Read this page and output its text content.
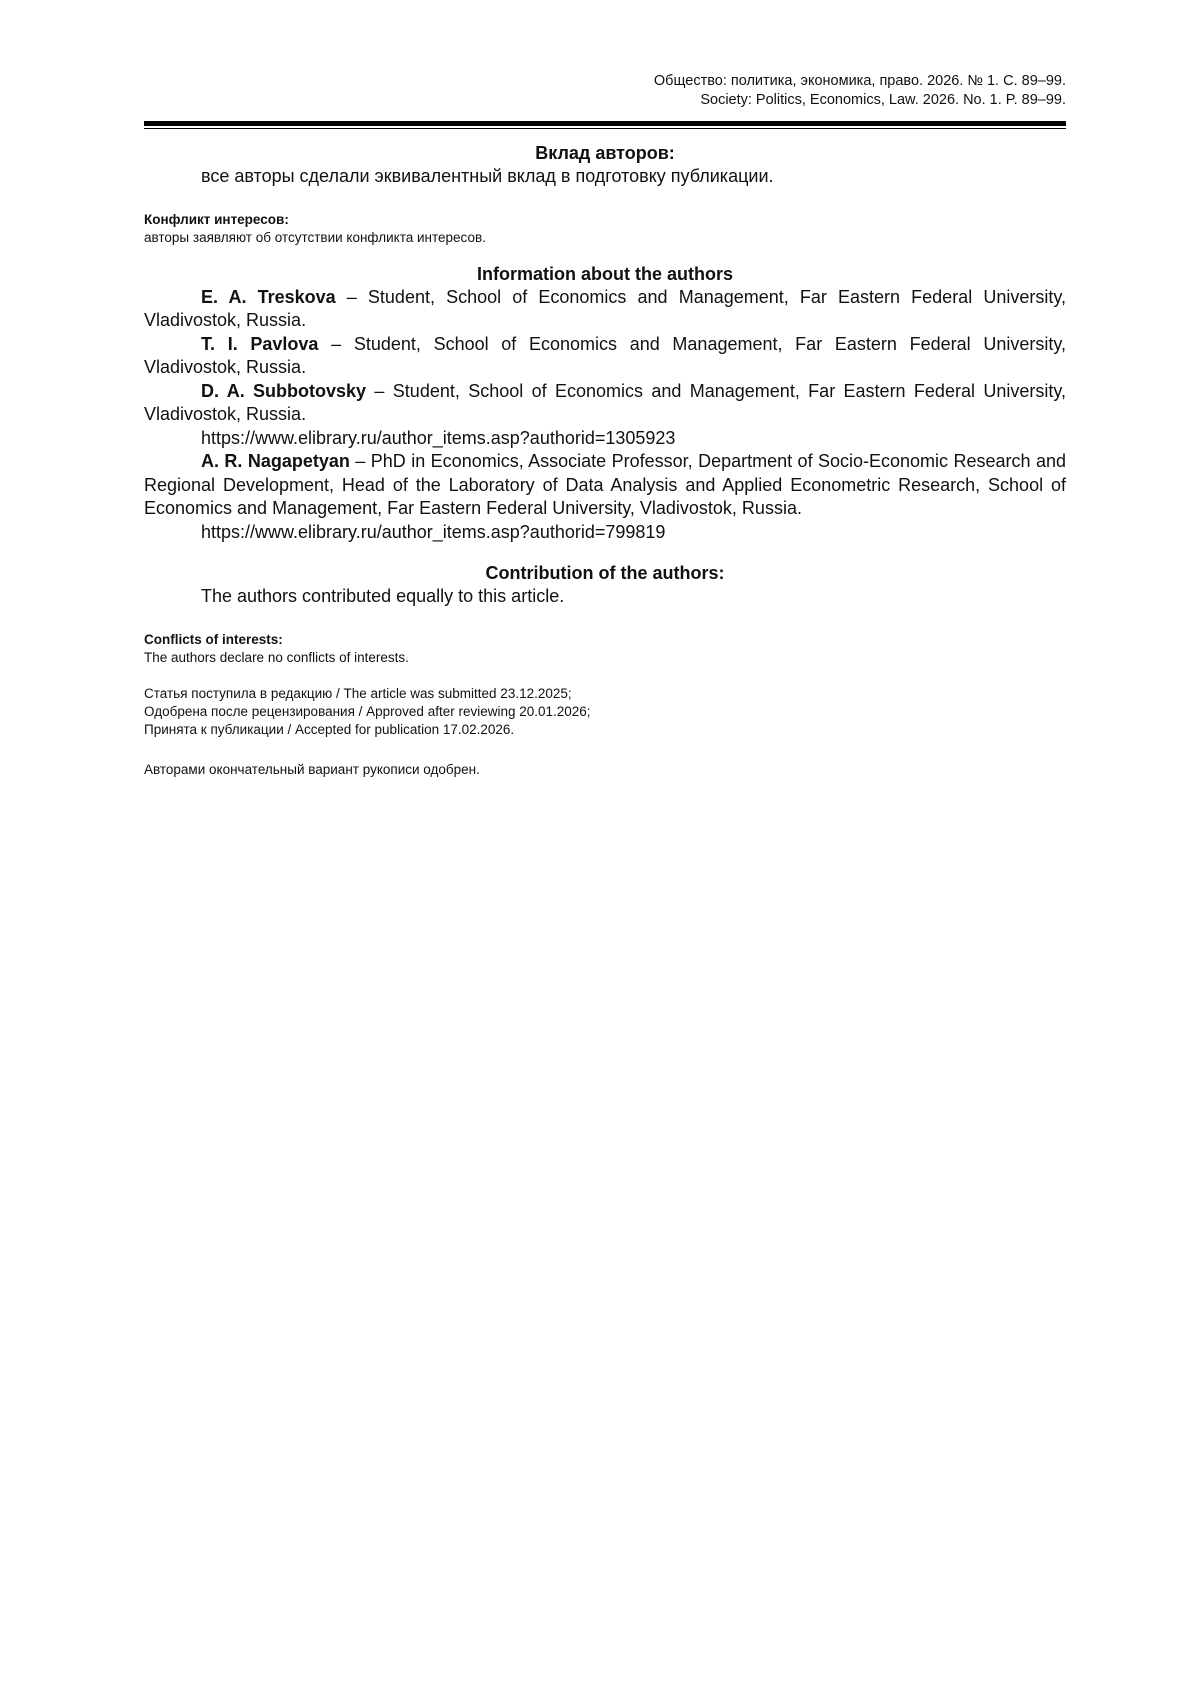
Общество: политика, экономика, право. 2026. № 1. С. 89–99.
Society: Politics, Economics, Law. 2026. No. 1. P. 89–99.
Вклад авторов:

все авторы сделали эквивалентный вклад в подготовку публикации.

Конфликт интересов:

авторы заявляют об отсутствии конфликта интересов.

Information about the authors

E. A. Treskova – Student, School of Economics and Management, Far Eastern Federal University, Vladivostok, Russia.

T. I. Pavlova – Student, School of Economics and Management, Far Eastern Federal University, Vladivostok, Russia.

D. A. Subbotovsky – Student, School of Economics and Management, Far Eastern Federal University, Vladivostok, Russia.

https://www.elibrary.ru/author_items.asp?authorid=1305923

A. R. Nagapetyan – PhD in Economics, Associate Professor, Department of Socio-Economic Research and Regional Development, Head of the Laboratory of Data Analysis and Applied Econometric Research, School of Economics and Management, Far Eastern Federal University, Vladivostok, Russia.

https://www.elibrary.ru/author_items.asp?authorid=799819

Contribution of the authors:

The authors contributed equally to this article.

Conflicts of interests:

The authors declare no conflicts of interests.

Статья поступила в редакцию / The article was submitted 23.12.2025;

Одобрена после рецензирования / Approved after reviewing 20.01.2026;

Принята к публикации / Accepted for publication 17.02.2026.

Авторами окончательный вариант рукописи одобрен.
